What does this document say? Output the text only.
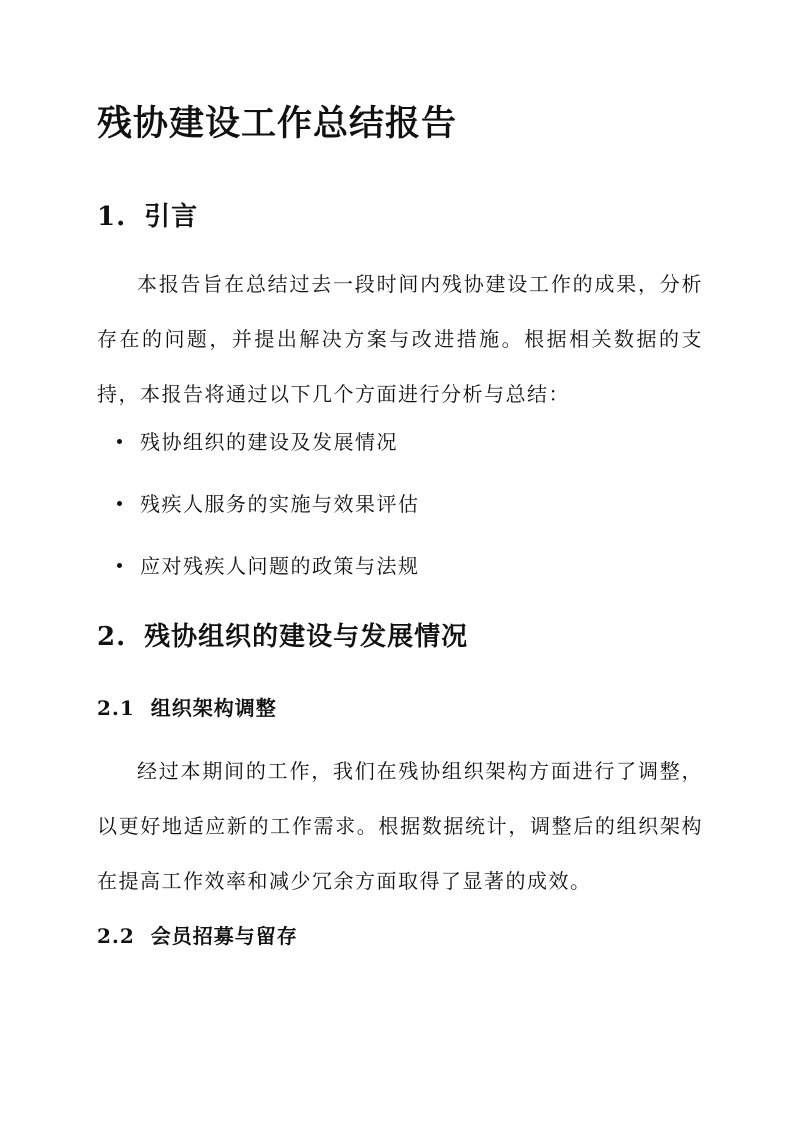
残协建设工作总结报告
1. 引言

本报告旨在总结过去一段时间内残协建设工作的成果，分析存在的问题，并提出解决方案与改进措施。根据相关数据的支持，本报告将通过以下几个方面进行分析与总结：

残协组织的建设及发展情况
残疾人服务的实施与效果评估
应对残疾人问题的政策与法规
2. 残协组织的建设与发展情况
2.1 组织架构调整

经过本期间的工作，我们在残协组织架构方面进行了调整，以更好地适应新的工作需求。根据数据统计，调整后的组织架构在提高工作效率和减少冗余方面取得了显著的成效。

2.2 会员招募与留存
